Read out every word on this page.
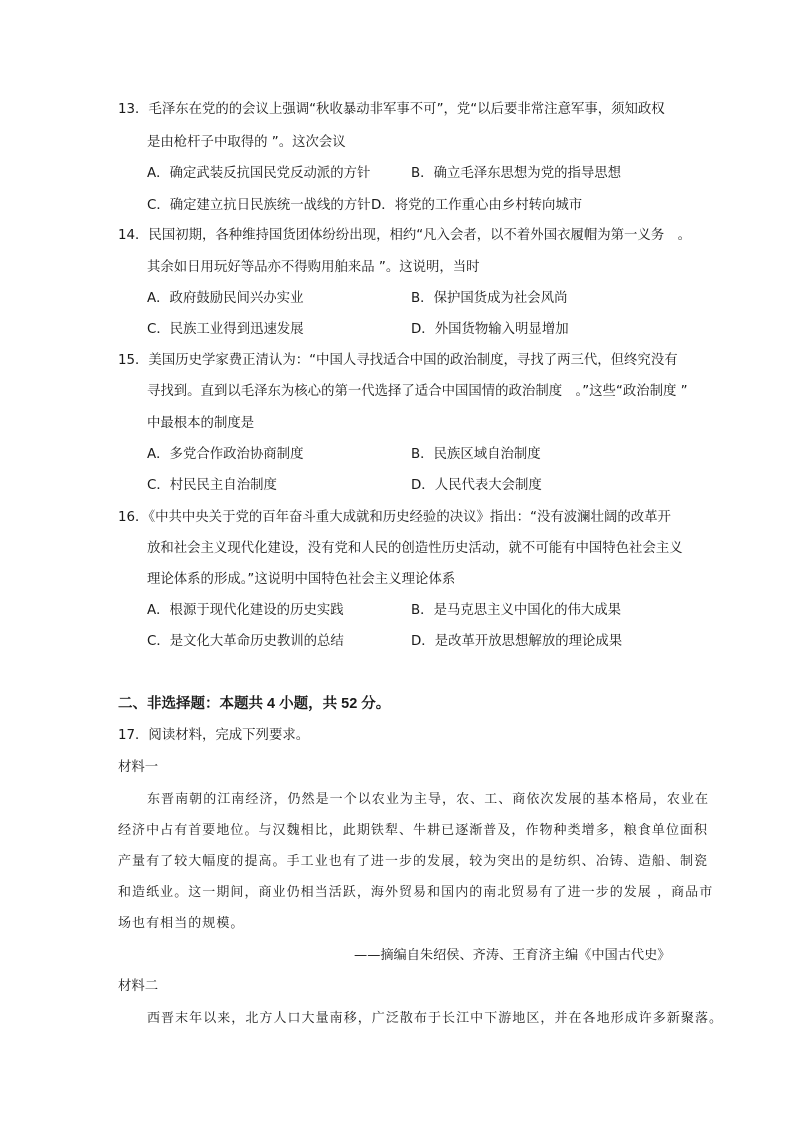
13．毛泽东在党的的会议上强调“秋收暴动非军事不可”，党“以后要非常注意军事，须知政权
是由枪杆子中取得的 ”。这次会议
A．确定武装反抗国民党反动派的方针	B．确立毛泽东思想为党的指导思想
C．确定建立抗日民族统一战线的方针 D．将党的工作重心由乡村转向城市
14．民国初期，各种维持国货团体纷纷出现，相约“凡入会者，以不着外国衣履帽为第一义务　。
其余如日用玩好等品亦不得购用舶来品 ”。这说明，当时
A．政府鼓励民间兴办实业	B．保护国货成为社会风尚
C．民族工业得到迅速发展	D．外国货物输入明显增加
15．美国历史学家费正清认为：“中国人寻找适合中国的政治制度，寻找了两三代，但终究没有
寻找到。直到以毛泽东为核心的第一代选择了适合中国国情的政治制度　。”这些“政治制度 ”
中最根本的制度是
A．多党合作政治协商制度	B．民族区域自治制度
C．村民民主自治制度	D．人民代表大会制度
16．《中共中央关于党的百年奋斗重大成就和历史经验的决议》指出：“没有波澜壮阔的改革开
放和社会主义现代化建设，没有党和人民的创造性历史活动，就不可能有中国特色社会主义
理论体系的形成。”这说明中国特色社会主义理论体系
A．根源于现代化建设的历史实践	B．是马克思主义中国化的伟大成果
C．是文化大革命历史教训的总结	D．是改革开放思想解放的理论成果
二、非选择题：本题共 4 小题，共 52 分。
17．阅读材料，完成下列要求。
材料一
东晋南朝的江南经济，仍然是一个以农业为主导，农、工、商依次发展的基本格局，农业在
经济中占有首要地位。与汉魏相比，此期铁犁、牛耕已逐渐普及，作物种类增多，粮食单位面积
产量有了较大幅度的提高。手工业也有了进一步的发展，较为突出的是纺织、冶铸、造船、制瓷
和造纸业。这一期间，商业仍相当活跃，海外贸易和国内的南北贸易有了进一步的发展 ，商品市
场也有相当的规模。
——摘编自朱绍侯、齐涛、王育济主编《中国古代史》
材料二
西晋末年以来，北方人口大量南移，广泛散布于长江中下游地区，并在各地形成许多新聚落。
